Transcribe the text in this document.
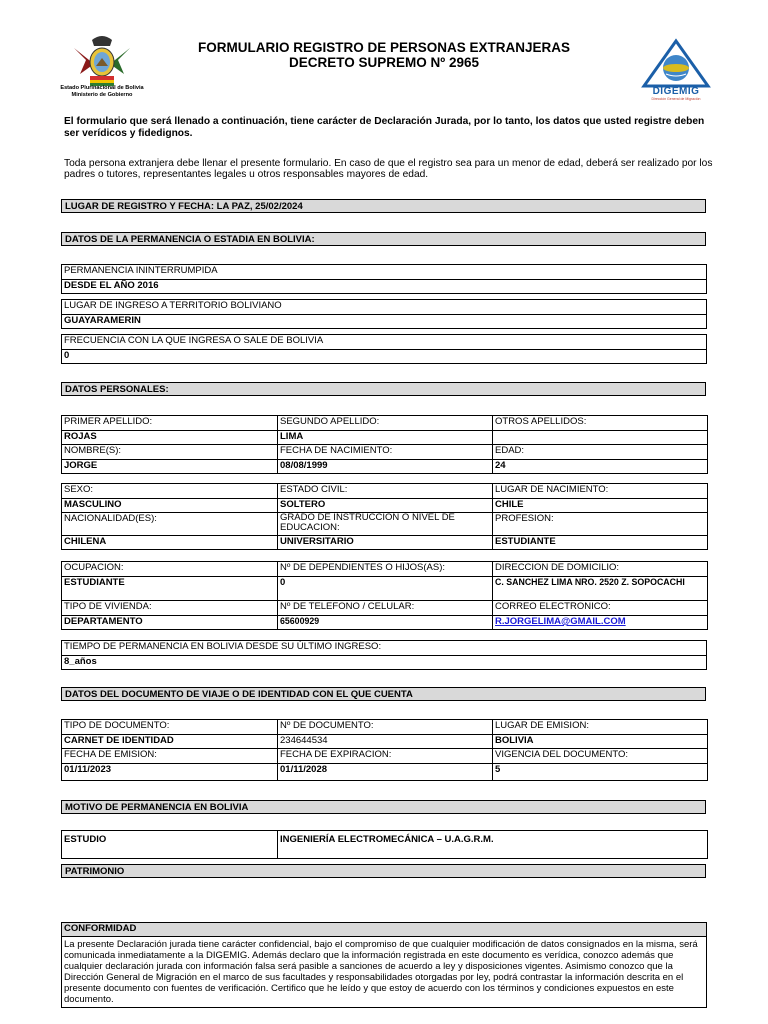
Estado Plurinacional de Bolivia
Ministerio de Gobierno
FORMULARIO REGISTRO DE PERSONAS EXTRANJERAS
DECRETO SUPREMO Nº 2965
DIGEMIG
Dirección General de Migración
El formulario que será llenado a continuación, tiene carácter de Declaración Jurada, por lo tanto, los datos que usted registre deben ser verídicos y fidedignos.
Toda persona extranjera debe llenar el presente formulario. En caso de que el registro sea para un menor de edad, deberá ser realizado por los padres o tutores, representantes legales u otros responsables mayores de edad.
LUGAR DE REGISTRO Y FECHA: LA PAZ, 25/02/2024
DATOS DE LA PERMANENCIA O ESTADIA EN BOLIVIA:
PERMANENCIA ININTERRUMPIDA
DESDE EL AÑO 2016
LUGAR DE INGRESO A TERRITORIO BOLIVIANO
GUAYARAMERIN
FRECUENCIA CON LA QUE INGRESA O SALE DE BOLIVIA
0
DATOS PERSONALES:
PRIMER APELLIDO:	SEGUNDO APELLIDO:	OTROS APELLIDOS:
ROJAS	LIMA	
NOMBRE(S):	FECHA DE NACIMIENTO:	EDAD:
JORGE	08/08/1999	24
SEXO:	ESTADO CIVIL:	LUGAR DE NACIMIENTO:
MASCULINO	SOLTERO	CHILE
NACIONALIDAD(ES):	GRADO DE INSTRUCCION O NIVEL DE EDUCACION:	PROFESION:
CHILENA	UNIVERSITARIO	ESTUDIANTE
OCUPACION:	Nº DE DEPENDIENTES O HIJOS(AS):	DIRECCION DE DOMICILIO:
ESTUDIANTE	0	C. SANCHEZ LIMA NRO. 2520 Z. SOPOCACHI
TIPO DE VIVIENDA:	Nº DE TELEFONO / CELULAR:	CORREO ELECTRONICO:
DEPARTAMENTO	65600929	R.JORGELIMA@GMAIL.COM
TIEMPO DE PERMANENCIA EN BOLIVIA DESDE SU ÚLTIMO INGRESO:
8_años
DATOS DEL DOCUMENTO DE VIAJE O DE IDENTIDAD CON EL QUE CUENTA
TIPO DE DOCUMENTO:	Nº DE DOCUMENTO:	LUGAR DE EMISION:
CARNET DE IDENTIDAD	234644534	BOLIVIA
FECHA DE EMISION:	FECHA DE EXPIRACION:	VIGENCIA DEL DOCUMENTO:
01/11/2023	01/11/2028	5
MOTIVO DE PERMANENCIA EN BOLIVIA
ESTUDIO	INGENIERÍA ELECTROMECÁNICA – U.A.G.R.M.
PATRIMONIO
CONFORMIDAD
La presente Declaración jurada tiene carácter confidencial, bajo el compromiso de que cualquier modificación de datos consignados en la misma, será comunicada inmediatamente a la DIGEMIG. Además declaro que la información registrada en este documento es verídica, conozco además que cualquier declaración jurada con información falsa será pasible a sanciones de acuerdo a ley y disposiciones vigentes. Asimismo conozco que la Dirección General de Migración en el marco de sus facultades y responsabilidades otorgadas por ley, podrá contrastar la información descrita en el presente documento con fuentes de verificación. Certifico que he leído y que estoy de acuerdo con los términos y condiciones expuestos en este documento.
